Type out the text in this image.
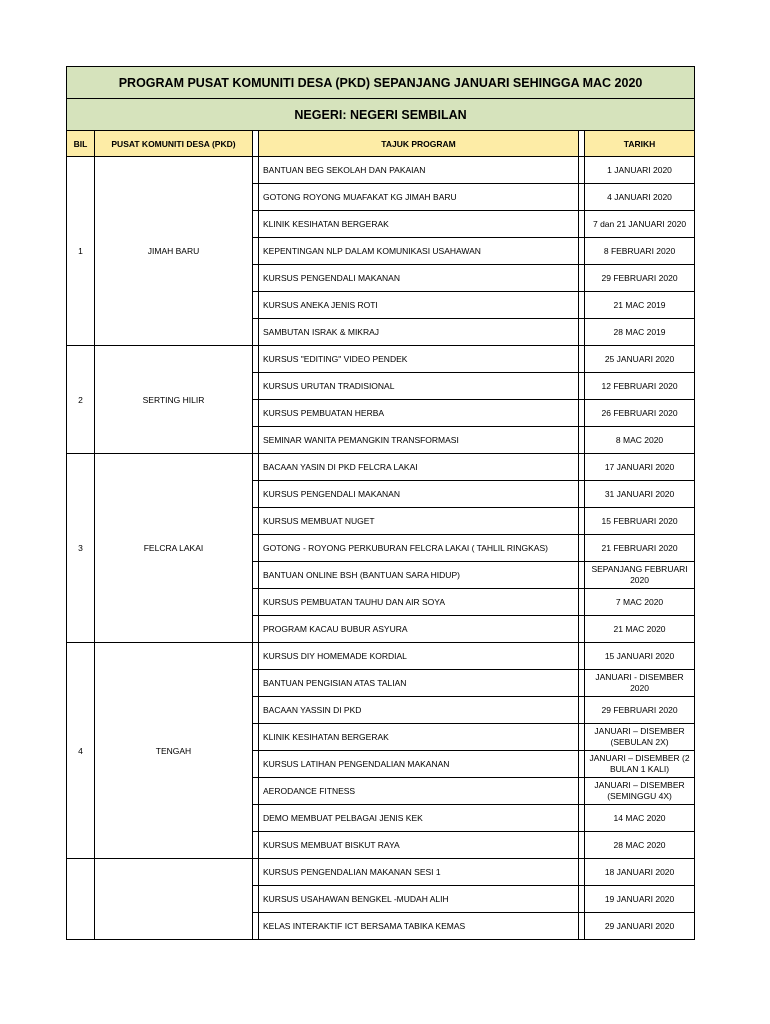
PROGRAM PUSAT KOMUNITI DESA (PKD) SEPANJANG JANUARI SEHINGGA MAC 2020					
NEGERI: NEGERI SEMBILAN					
BIL	PUSAT KOMUNITI DESA (PKD)		TAJUK PROGRAM		TARIKH
1	JIMAH BARU		BANTUAN BEG SEKOLAH DAN PAKAIAN		1 JANUARI 2020
			GOTONG ROYONG MUAFAKAT KG JIMAH BARU		4 JANUARI 2020
			KLINIK KESIHATAN BERGERAK		7 dan 21 JANUARI 2020
			KEPENTINGAN NLP DALAM KOMUNIKASI USAHAWAN		8 FEBRUARI 2020
			KURSUS PENGENDALI MAKANAN		29 FEBRUARI 2020
			KURSUS ANEKA JENIS ROTI		21 MAC 2019
			SAMBUTAN ISRAK & MIKRAJ		28 MAC 2019
2	SERTING HILIR		KURSUS "EDITING" VIDEO PENDEK		25 JANUARI 2020
			KURSUS URUTAN TRADISIONAL		12 FEBRUARI 2020
			KURSUS PEMBUATAN HERBA		26 FEBRUARI 2020
			SEMINAR WANITA PEMANGKIN TRANSFORMASI		8 MAC 2020
3	FELCRA LAKAI		BACAAN YASIN DI PKD FELCRA LAKAI		17 JANUARI 2020
			KURSUS PENGENDALI MAKANAN		31 JANUARI 2020
			KURSUS MEMBUAT NUGET		15 FEBRUARI 2020
			GOTONG - ROYONG PERKUBURAN FELCRA LAKAI ( TAHLIL RINGKAS)		21 FEBRUARI 2020
			BANTUAN ONLINE BSH (BANTUAN SARA HIDUP)		SEPANJANG FEBRUARI 2020
			KURSUS PEMBUATAN TAUHU DAN AIR SOYA		7 MAC 2020
			PROGRAM KACAU BUBUR ASYURA		21 MAC 2020
4	TENGAH		KURSUS DIY HOMEMADE KORDIAL		15 JANUARI 2020
			BANTUAN PENGISIAN ATAS TALIAN		JANUARI - DISEMBER 2020
			BACAAN YASSIN DI PKD		29 FEBRUARI 2020
			KLINIK KESIHATAN BERGERAK		JANUARI – DISEMBER (SEBULAN 2X)
			KURSUS LATIHAN PENGENDALIAN MAKANAN		JANUARI – DISEMBER (2 BULAN 1 KALI)
			AERODANCE FITNESS		JANUARI – DISEMBER (SEMINGGU 4X)
			DEMO MEMBUAT PELBAGAI JENIS KEK		14 MAC 2020
			KURSUS MEMBUAT BISKUT RAYA		28 MAC 2020
			KURSUS PENGENDALIAN MAKANAN SESI 1		18 JANUARI 2020
			KURSUS USAHAWAN BENGKEL -MUDAH ALIH		19 JANUARI 2020
			KELAS INTERAKTIF ICT BERSAMA TABIKA KEMAS		29 JANUARI 2020
